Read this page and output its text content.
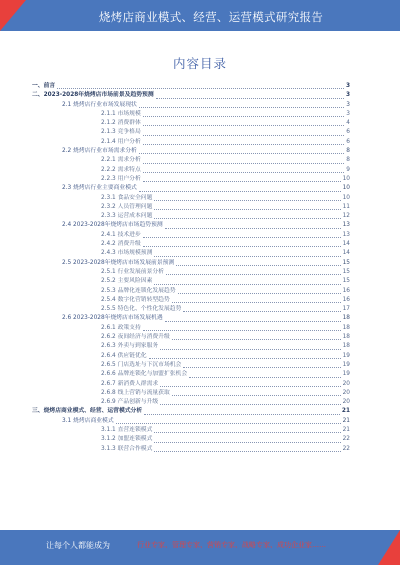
烧烤店商业模式、经营、运营模式研究报告
内容目录
一、前言	3
二、2023-2028年烧烤店市场前景及趋势预测	3
2.1 烧烤店行业市场发展现状	3
2.1.1 市场规模	3
2.1.2 消费群体	4
2.1.3 竞争格局	6
2.1.4 用户分析	6
2.2 烧烤店行业市场需求分析	8
2.2.1 需求分析	8
2.2.2 需求特点	9
2.2.3 用户分析	10
2.3 烧烤店行业主要商业模式	10
2.3.1 食品安全问题	10
2.3.2 人员管理问题	11
2.3.3 运营成本问题	12
2.4 2023-2028年烧烤店市场趋势预测	13
2.4.1 技术进步	13
2.4.2 消费升级	14
2.4.3 市场规模预测	14
2.5 2023-2028年烧烤店市场发展前景预测	15
2.5.1 行业发展前景分析	15
2.5.2 主要风险因素	15
2.5.3 品牌化连锁化发展趋势	16
2.5.4 数字化营销转型趋势	16
2.5.5 特色化、个性化发展趋势	17
2.6 2023-2028年烧烤店市场发展机遇	18
2.6.1 政策支持	18
2.6.2 夜间经济与消费升级	18
2.6.3 外卖与到家服务	18
2.6.4 供应链优化	19
2.6.5 门店选址与下沉市场机会	19
2.6.6 品牌连锁化与加盟扩张机会	19
2.6.7 新消费人群需求	20
2.6.8 线上营销与流量获取	20
2.6.9 产品创新与升级	20
三、烧烤店商业模式、经营、运营模式分析	21
3.1 烧烤店商业模式	21
3.1.1 直营连锁模式	21
3.1.2 加盟连锁模式	22
3.1.3 联营合作模式	22
让每个人都能成为	行业专家、管理专家、营销专家、战略专家、成功企业家……
